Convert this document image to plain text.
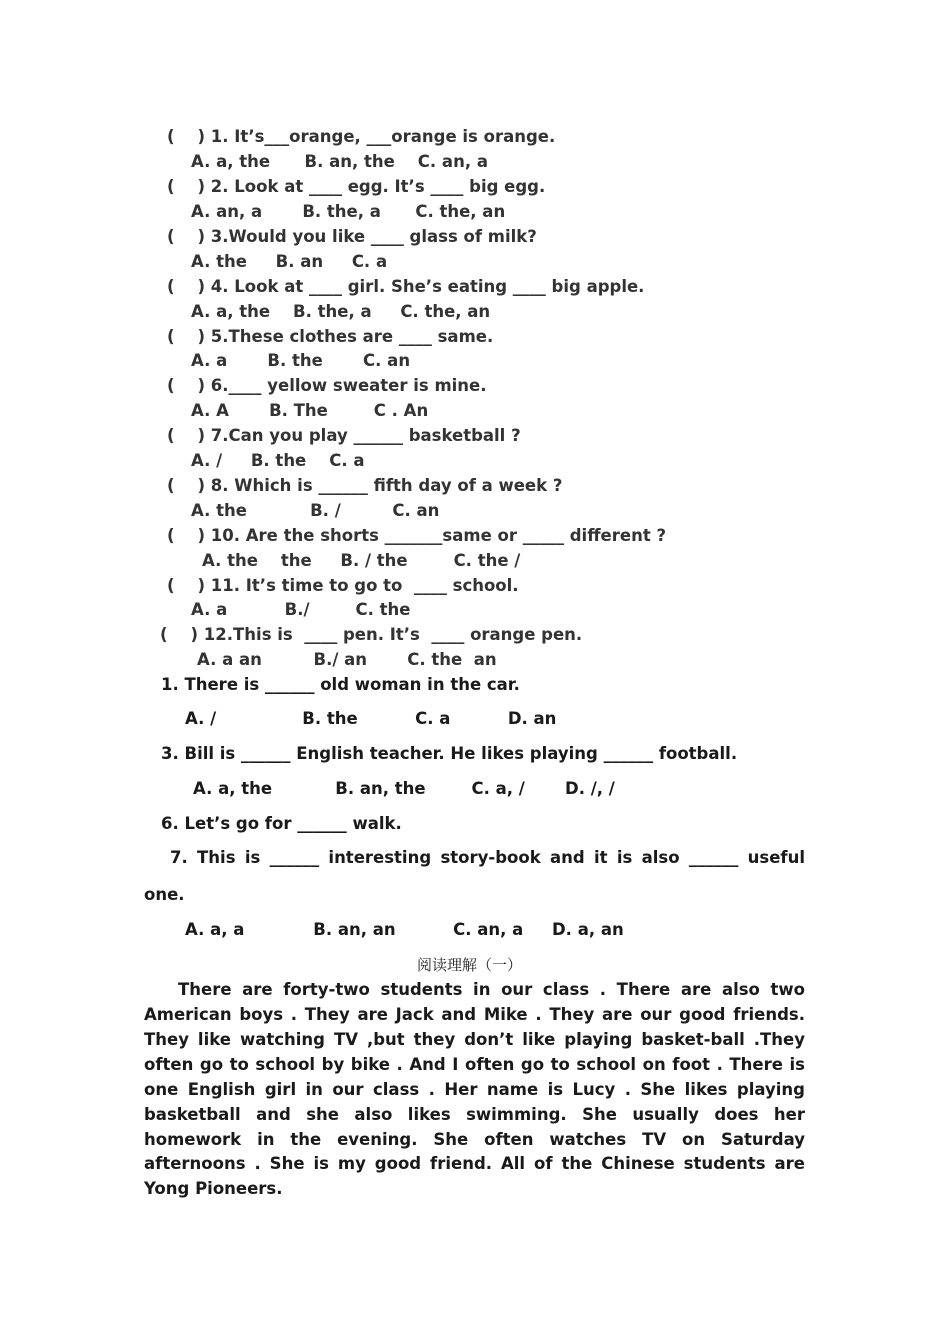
(    ) 1. It’s___orange, ___orange is orange.
A. a, the      B. an, the    C. an, a
(    ) 2. Look at ____ egg. It’s ____ big egg.
A. an, a       B. the, a      C. the, an
(    ) 3.Would you like ____ glass of milk?
A. the     B. an     C. a
(    ) 4. Look at ____ girl. She’s eating ____ big apple.
A. a, the    B. the, a     C. the, an
(    ) 5.These clothes are ____ same.
A. a       B. the       C. an
(    ) 6.____ yellow sweater is mine.
A. A       B. The        C . An
(    ) 7.Can you play ______ basketball ?
A. /     B. the    C. a
(    ) 8. Which is ______ fifth day of a week ?
A. the           B. /         C. an
(    ) 10. Are the shorts _______same or _____ different ?
A. the    the     B. / the        C. the /
(    ) 11. It’s time to go to  ____ school.
A. a          B./        C. the
(    ) 12.This is  ____ pen. It’s  ____ orange pen.
A. a an         B./ an       C. the  an
1. There is ______ old woman in the car.
A. /               B. the          C. a          D. an
3. Bill is ______ English teacher. He likes playing ______ football.
A. a, the           B. an, the        C. a, /       D. /, /
6. Let’s go for ______ walk.
7. This is ______ interesting story-book and it is also ______ useful
one.
A. a, a            B. an, an          C. an, a     D. a, an
阅读理解（一）
There are forty-two students in our class . There are also two
American boys . They are Jack and Mike . They are our good friends.
They like watching TV ,but they don’t like playing basket-ball .They
often go to school by bike . And I often go to school on foot . There is
one English girl in our class . Her name is Lucy . She likes playing
basketball and she also likes swimming. She usually does her
homework in the evening. She often watches TV on Saturday
afternoons . She is my good friend. All of the Chinese students are
Yong Pioneers.
